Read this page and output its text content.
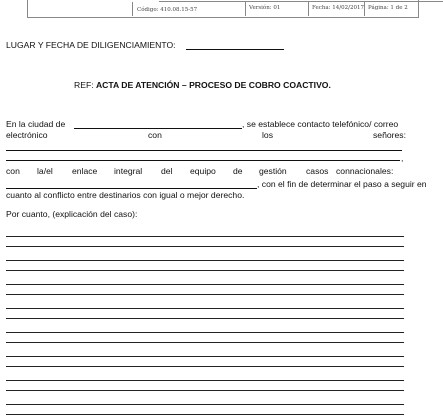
Código: 410.08.15-57	Versión: 01	Fecha: 14/02/2017 Página: 1 de 2
LUGAR Y FECHA DE DILIGENCIAMIENTO:
REF: ACTA DE ATENCIÓN – PROCESO DE COBRO COACTIVO.
En la ciudad de	, se establece contacto telefónico/ correo
electrónico	con	los	señores:
,
con la/el enlace integral del equipo de gestión casos connacionales:
, con el fin de determinar el paso a seguir en
cuanto al conflicto entre destinarios con igual o mejor derecho.
Por cuanto, (explicación del caso):
